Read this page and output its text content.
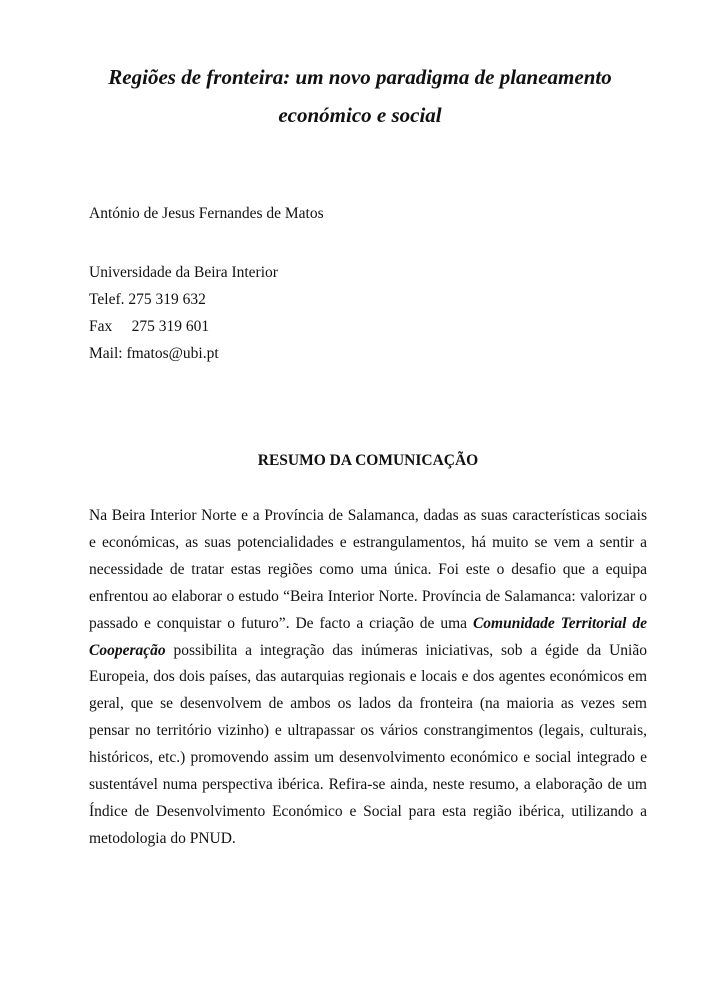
Regiões de fronteira: um novo paradigma de planeamento
económico e social

António de Jesus Fernandes de Matos

Universidade da Beira Interior
Telef. 275 319 632
Fax     275 319 601
Mail: fmatos@ubi.pt
RESUMO DA COMUNICAÇÃO

Na Beira Interior Norte e a Província de Salamanca, dadas as suas características sociais e económicas, as suas potencialidades e estrangulamentos, há muito se vem a sentir a necessidade de tratar estas regiões como uma única. Foi este o desafio que a equipa enfrentou ao elaborar o estudo “Beira Interior Norte. Província de Salamanca: valorizar o passado e conquistar o futuro”. De facto a criação de uma Comunidade Territorial de Cooperação possibilita a integração das inúmeras iniciativas, sob a égide da União Europeia, dos dois países, das autarquias regionais e locais e dos agentes económicos em geral, que se desenvolvem de ambos os lados da fronteira (na maioria as vezes sem pensar no território vizinho) e ultrapassar os vários constrangimentos (legais, culturais, históricos, etc.) promovendo assim um desenvolvimento económico e social integrado e sustentável numa perspectiva ibérica. Refira-se ainda, neste resumo, a elaboração de um Índice de Desenvolvimento Económico e Social para esta região ibérica, utilizando a metodologia do PNUD.
